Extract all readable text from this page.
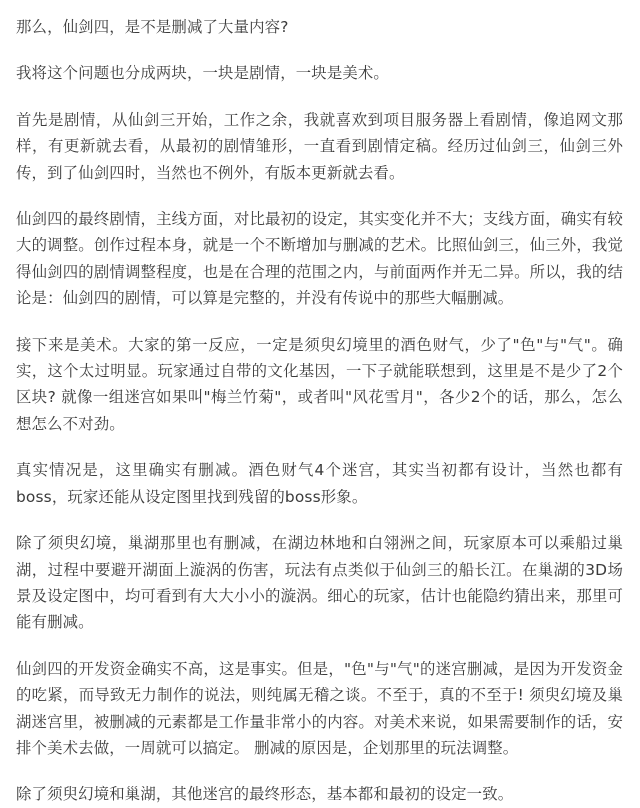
那么，仙剑四，是不是删减了大量内容?

我将这个问题也分成两块，一块是剧情，一块是美术。

首先是剧情，从仙剑三开始，工作之余，我就喜欢到项目服务器上看剧情，像追网文那样，有更新就去看，从最初的剧情雏形，一直看到剧情定稿。经历过仙剑三，仙剑三外传，到了仙剑四时，当然也不例外，有版本更新就去看。

仙剑四的最终剧情，主线方面，对比最初的设定，其实变化并不大；支线方面，确实有较大的调整。创作过程本身，就是一个不断增加与删减的艺术。比照仙剑三，仙三外，我觉得仙剑四的剧情调整程度，也是在合理的范围之内，与前面两作并无二异。所以，我的结论是：仙剑四的剧情，可以算是完整的，并没有传说中的那些大幅删减。

接下来是美术。大家的第一反应，一定是须臾幻境里的酒色财气，少了"色"与"气"。确实，这个太过明显。玩家通过自带的文化基因，一下子就能联想到，这里是不是少了2个区块? 就像一组迷宫如果叫"梅兰竹菊"，或者叫"风花雪月"，各少2个的话，那么，怎么想怎么不对劲。

真实情况是，这里确实有删减。酒色财气4个迷宫，其实当初都有设计，当然也都有boss，玩家还能从设定图里找到残留的boss形象。

除了须臾幻境，巢湖那里也有删减，在湖边林地和白翎洲之间，玩家原本可以乘船过巢湖，过程中要避开湖面上漩涡的伤害，玩法有点类似于仙剑三的船长江。在巢湖的3D场景及设定图中，均可看到有大大小小的漩涡。细心的玩家，估计也能隐约猜出来，那里可能有删减。

仙剑四的开发资金确实不高，这是事实。但是，"色"与"气"的迷宫删减，是因为开发资金的吃紧，而导致无力制作的说法，则纯属无稽之谈。不至于，真的不至于! 须臾幻境及巢湖迷宫里，被删减的元素都是工作量非常小的内容。对美术来说，如果需要制作的话，安排个美术去做，一周就可以搞定。 删减的原因是，企划那里的玩法调整。

除了须臾幻境和巢湖，其他迷宫的最终形态，基本都和最初的设定一致。
